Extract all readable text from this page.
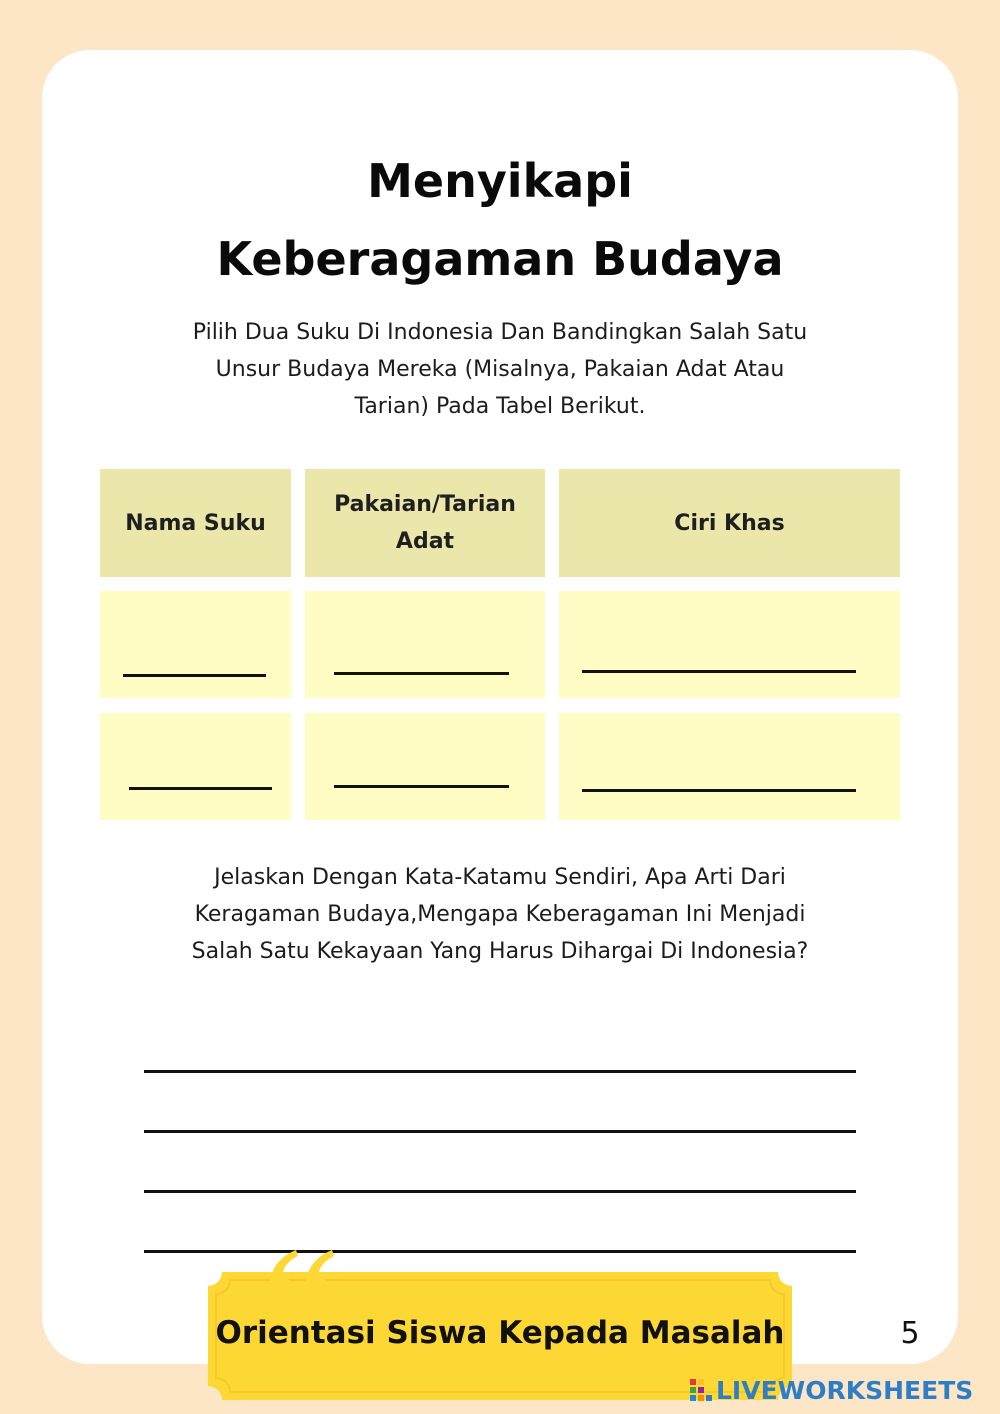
Menyikapi
Keberagaman Budaya
Pilih Dua Suku Di Indonesia Dan Bandingkan Salah Satu
Unsur Budaya Mereka (Misalnya, Pakaian Adat Atau
Tarian) Pada Tabel Berikut.
Nama Suku
Pakaian/Tarian
Adat
Ciri Khas
Jelaskan Dengan Kata-Katamu Sendiri, Apa Arti Dari
Keragaman Budaya,Mengapa Keberagaman Ini Menjadi
Salah Satu Kekayaan Yang Harus Dihargai Di Indonesia?
Orientasi Siswa Kepada Masalah	5
LIVEWORKSHEETS
